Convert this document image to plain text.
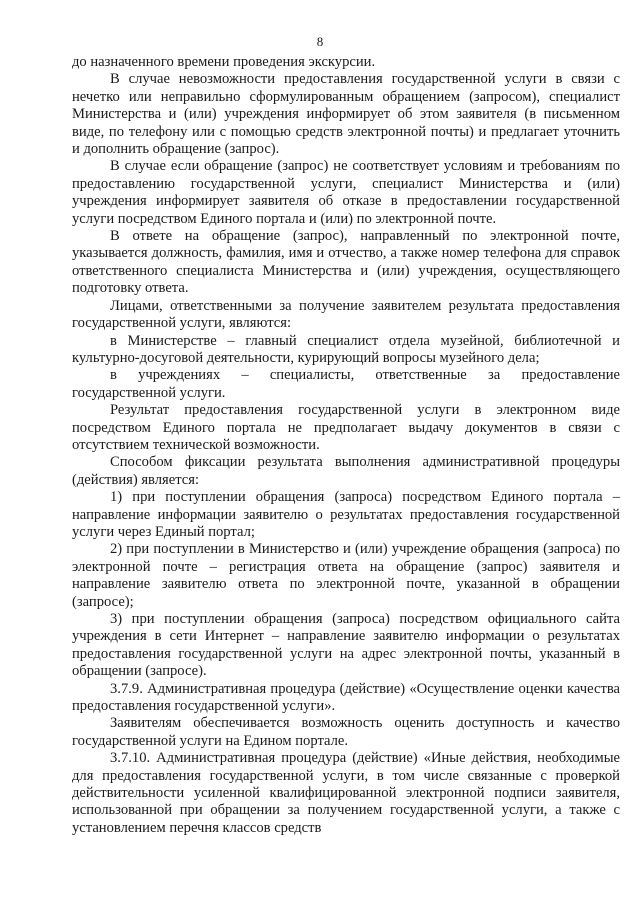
8

до назначенного времени проведения экскурсии.

В случае невозможности предоставления государственной услуги в связи с нечетко или неправильно сформулированным обращением (запросом), специалист Министерства и (или) учреждения информирует об этом заявителя (в письменном виде, по телефону или с помощью средств электронной почты) и предлагает уточнить и дополнить обращение (запрос).

В случае если обращение (запрос) не соответствует условиям и требованиям по предоставлению государственной услуги, специалист Министерства и (или) учреждения информирует заявителя об отказе в предоставлении государственной услуги посредством Единого портала и (или) по электронной почте.

В ответе на обращение (запрос), направленный по электронной почте, указывается должность, фамилия, имя и отчество, а также номер телефона для справок ответственного специалиста Министерства и (или) учреждения, осуществляющего подготовку ответа.

Лицами, ответственными за получение заявителем результата предоставления государственной услуги, являются:

в Министерстве – главный специалист отдела музейной, библиотечной и культурно-досуговой деятельности, курирующий вопросы музейного дела;

в учреждениях – специалисты, ответственные за предоставление государственной услуги.

Результат предоставления государственной услуги в электронном виде посредством Единого портала не предполагает выдачу документов в связи с отсутствием технической возможности.

Способом фиксации результата выполнения административной процедуры (действия) является:

1) при поступлении обращения (запроса) посредством Единого портала – направление информации заявителю о результатах предоставления государственной услуги через Единый портал;

2) при поступлении в Министерство и (или) учреждение обращения (запроса) по электронной почте – регистрация ответа на обращение (запрос) заявителя и направление заявителю ответа по электронной почте, указанной в обращении (запросе);

3) при поступлении обращения (запроса) посредством официального сайта учреждения в сети Интернет – направление заявителю информации о результатах предоставления государственной услуги на адрес электронной почты, указанный в обращении (запросе).

3.7.9. Административная процедура (действие) «Осуществление оценки качества предоставления государственной услуги».

Заявителям обеспечивается возможность оценить доступность и качество государственной услуги на Едином портале.

3.7.10. Административная процедура (действие) «Иные действия, необходимые для предоставления государственной услуги, в том числе связанные с проверкой действительности усиленной квалифицированной электронной подписи заявителя, использованной при обращении за получением государственной услуги, а также с установлением перечня классов средств
